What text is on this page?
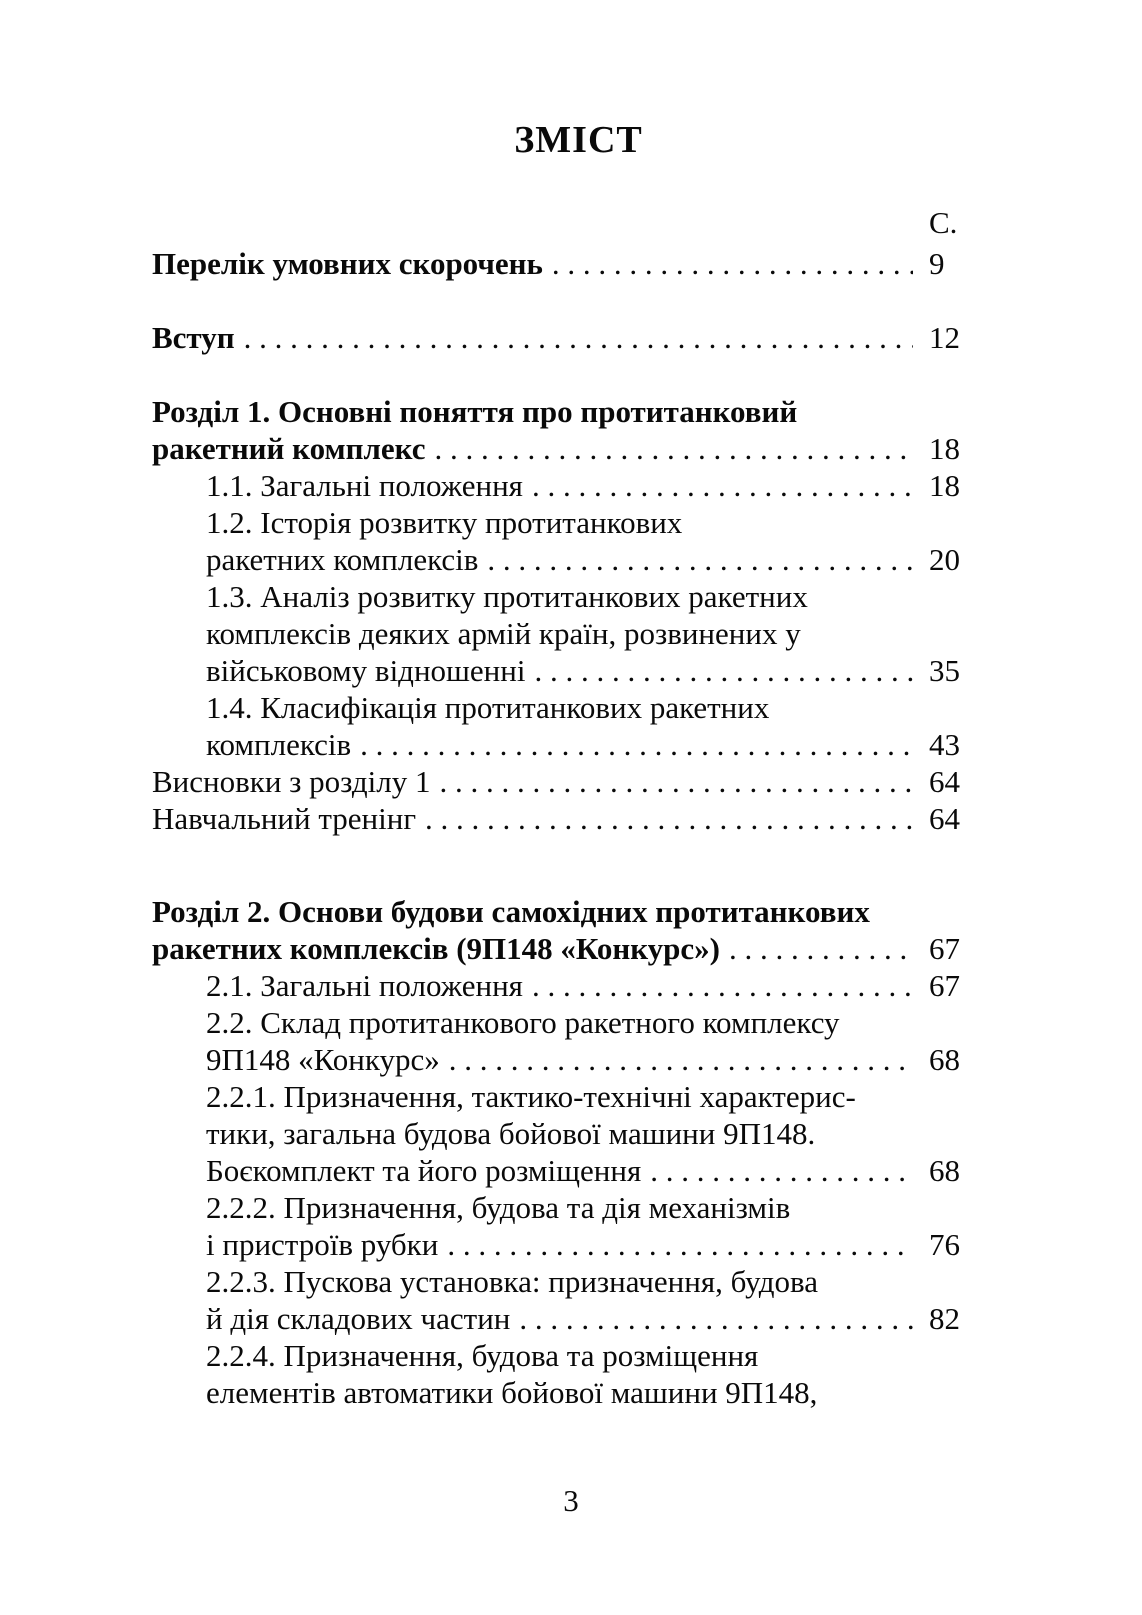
ЗМІСТ
С.
Перелік умовних скорочень . . .	9
Вступ . . .	12
Розділ 1. Основні поняття про протитанковий
ракетний комплекс . . .	18
1.1. Загальні положення . . .	18
1.2. Історія розвитку протитанкових
ракетних комплексів . . .	20
1.3. Аналіз розвитку протитанкових ракетних
комплексів деяких армій країн, розвинених у
військовому відношенні . . .	35
1.4. Класифікація протитанкових ракетних
комплексів . . .	43
Висновки з розділу 1 . . .	64
Навчальний тренінг . . .	64
Розділ 2. Основи будови самохідних протитанкових
ракетних комплексів (9П148 «Конкурс») . . .	67
2.1. Загальні положення . . .	67
2.2. Склад протитанкового ракетного комплексу
9П148 «Конкурс» . . .	68
2.2.1. Призначення, тактико-технічні характерис-
тики, загальна будова бойової машини 9П148.
Боєкомплект та його розміщення . . .	68
2.2.2. Призначення, будова та дія механізмів
і пристроїв рубки . . .	76
2.2.3. Пускова установка: призначення, будова
й дія складових частин . . .	82
2.2.4. Призначення, будова та розміщення
елементів автоматики бойової машини 9П148,
3
